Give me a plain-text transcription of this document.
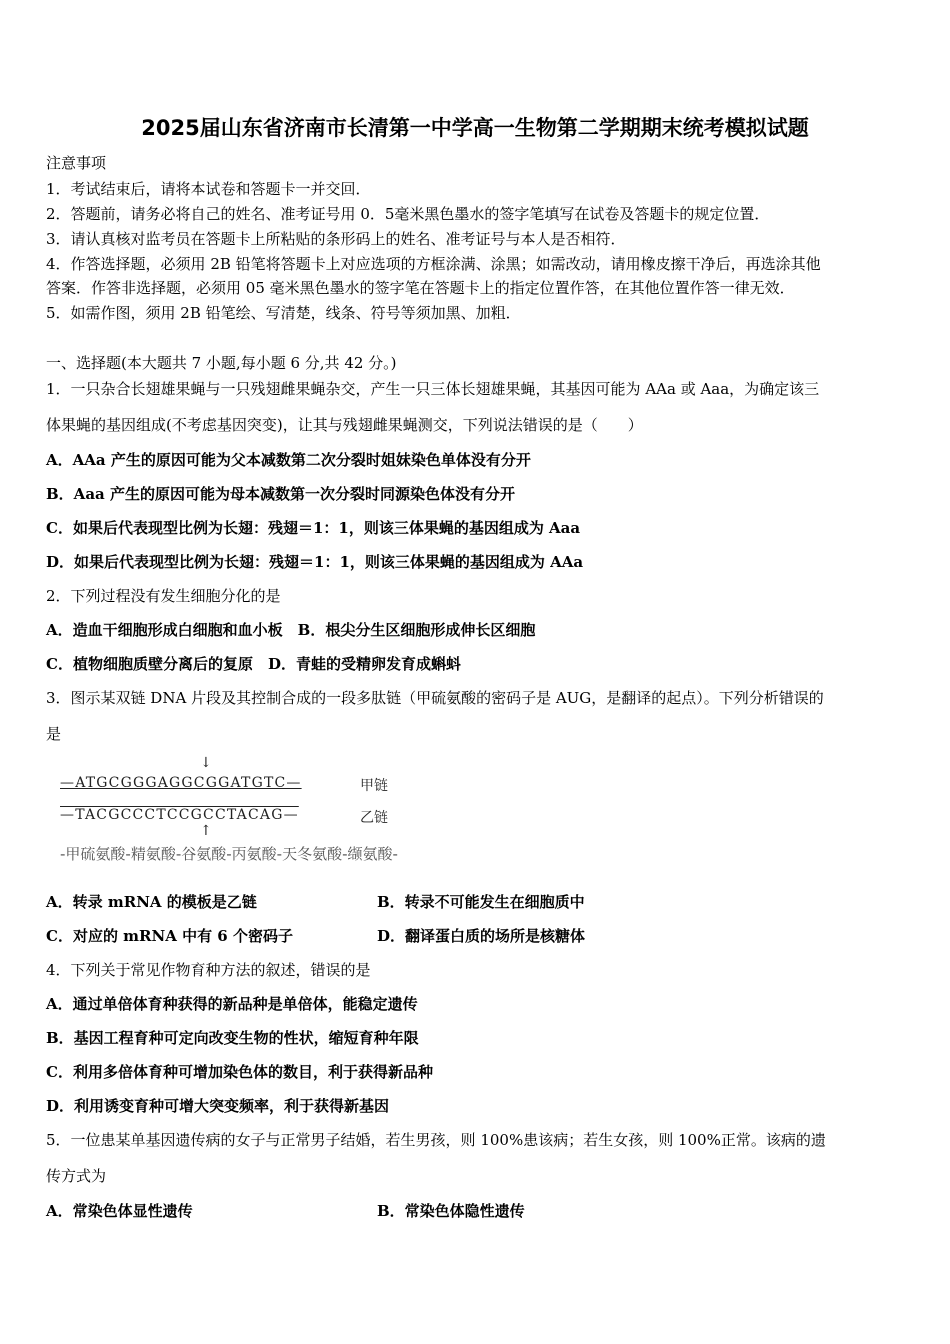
2025届山东省济南市长清第一中学高一生物第二学期期末统考模拟试题
注意事项
1．考试结束后，请将本试卷和答题卡一并交回．
2．答题前，请务必将自己的姓名、准考证号用 0．5毫米黑色墨水的签字笔填写在试卷及答题卡的规定位置．
3．请认真核对监考员在答题卡上所粘贴的条形码上的姓名、准考证号与本人是否相符．
4．作答选择题，必须用 2B 铅笔将答题卡上对应选项的方框涂满、涂黑；如需改动，请用橡皮擦干净后，再选涂其他
答案．作答非选择题，必须用 05 毫米黑色墨水的签字笔在答题卡上的指定位置作答，在其他位置作答一律无效．
5．如需作图，须用 2B 铅笔绘、写清楚，线条、符号等须加黑、加粗．
一、选择题(本大题共 7 小题,每小题 6 分,共 42 分。)
1．一只杂合长翅雄果蝇与一只残翅雌果蝇杂交，产生一只三体长翅雄果蝇，其基因可能为 AAa 或 Aaa，为确定该三
体果蝇的基因组成(不考虑基因突变)，让其与残翅雌果蝇测交，下列说法错误的是（　　）
A．AAa 产生的原因可能为父本减数第二次分裂时姐妹染色单体没有分开
B．Aaa 产生的原因可能为母本减数第一次分裂时同源染色体没有分开
C．如果后代表现型比例为长翅：残翅＝1：1，则该三体果蝇的基因组成为 Aaa
D．如果后代表现型比例为长翅：残翅＝1：1，则该三体果蝇的基因组成为 AAa
2．下列过程没有发生细胞分化的是
A．造血干细胞形成白细胞和血小板　B．根尖分生区细胞形成伸长区细胞
C．植物细胞质壁分离后的复原　D．青蛙的受精卵发育成蝌蚪
3．图示某双链 DNA 片段及其控制合成的一段多肽链（甲硫氨酸的密码子是 AUG，是翻译的起点）。下列分析错误的
是
↓
—ATGCGGGAGGCGGATGTC—	甲链
—TACGCCCTCCGCCTACAG—	乙链
↑
-甲硫氨酸-精氨酸-谷氨酸-丙氨酸-天冬氨酸-缬氨酸-
A．转录 mRNA 的模板是乙链	B．转录不可能发生在细胞质中
C．对应的 mRNA 中有 6 个密码子	D．翻译蛋白质的场所是核糖体
4．下列关于常见作物育种方法的叙述，错误的是
A．通过单倍体育种获得的新品种是单倍体，能稳定遗传
B．基因工程育种可定向改变生物的性状，缩短育种年限
C．利用多倍体育种可增加染色体的数目，利于获得新品种
D．利用诱变育种可增大突变频率，利于获得新基因
5．一位患某单基因遗传病的女子与正常男子结婚，若生男孩，则 100%患该病；若生女孩，则 100%正常。该病的遗
传方式为
A．常染色体显性遗传	B．常染色体隐性遗传
